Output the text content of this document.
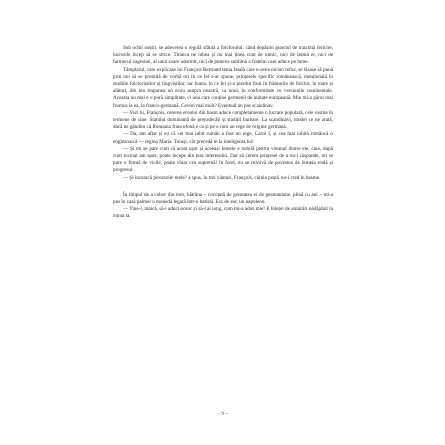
Sub ochii noștri, se adeverea o regulă sfântă a folclorului: când depășim punctul de maximă fericire, lucrurile încep să se strice. Tiranca ne iubea și nu mai ținea cont de nimic, nici de inima ei, nici de farmecul sugestiei, al unui soare adormit, nici de puterea sublimă a fratelui care aduce pe lume.

Tâmplarul, care explicase lui François Bertrand tema fatală care n-avea niciun refuz, se lăsase să pună prin noi să se promită de vorbă ori în ce fel s-ar spune, prințesele specific românească, menționată în studiile folcloriștilor și lingviștilor, iar Ioana, în ce fel și-a pierdut firul în frânturile de folclor, în toate și alături, din ten impunea un ecou asupra noastră, ca unul, în conformitate cu versiunile continentale. Aceasta nu mai e o pură simplitate, ci una care conține germenii de unitate europeană. Mie mi-a părut mai frumos la ea, la franco-germană. Cevrei mai mult? Eventual un pas scandinav.

— Vezi tu, François, cererea eroului din basm aduce completamente o lucrare populară, cele rostite în termene de sine. Statului dominantă de prejudecăți și tradiții barbare. La scandinavi, model ce ne arată, dacă ne gândim că Romania francofonă e ca și pe o rom un rege de origine germană.

— Da, am aflat și eu că cel mai iubit român a fost un rege, Carol I, și cea mai iubită româncă o englezoaică — regina Maria. Totuși, cât precedă te la inteligenta lui!

— Și mi se pare cum că acest ușor și aceeași femeie e nobilă pentru vreunul dintre ele, care, după cum tocmai am spus, poate începe din țara interesului. Dar să cerem prințesei de a nu-i răspunde, mi se pare o formă de viclie, poate chiar cea supremă! în fond, nu se rezolvă de povestea de femeia reală și progresul.

— Și încearcă pirozurile mele? a spus, în trei vânturi, François, căruia poștii nu-i cred în basme.

În timpul de a cobor din tren, bătrâna – cocoțată de greutatea ei de geamantane, plină cu ani – mi-a pus în casă palmei o monedă legată într-o batistă. Era de aur, un napoleon.

— Tine-l, maică, să-l aduci noroc și să-l ai lung, cum mi-a adus mie! E bilețel de amintiri nădăjduit la nunta ta.

– 9 –
